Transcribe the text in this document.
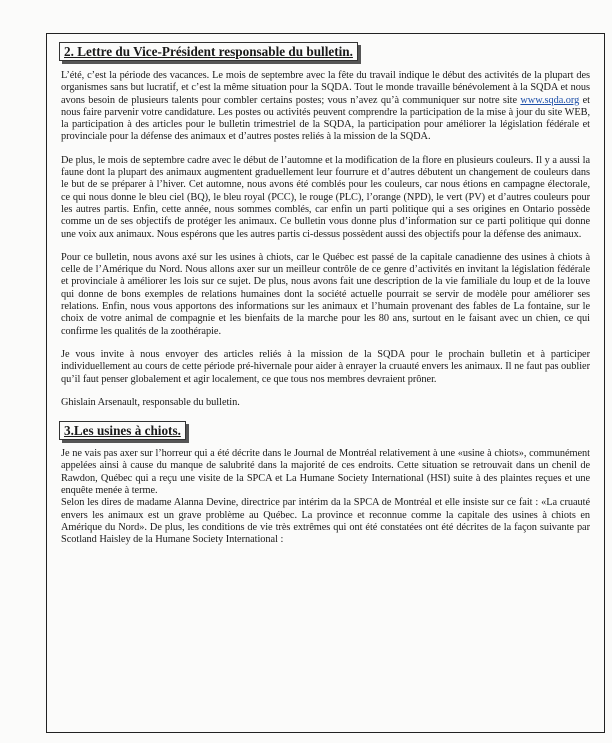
2. Lettre du Vice-Président responsable du bulletin.

L’été, c’est la période des vacances. Le mois de septembre avec la fête du travail indique le début des activités de la plupart des organismes sans but lucratif, et c’est la même situation pour la SQDA. Tout le monde travaille bénévolement à la SQDA et nous avons besoin de plusieurs talents pour combler certains postes; vous n’avez qu’à communiquer sur notre site www.sqda.org et nous faire parvenir votre candidature. Les postes ou activités peuvent comprendre la participation de la mise à jour du site WEB, la participation à des articles pour le bulletin trimestriel de la SQDA, la participation pour améliorer la législation fédérale et provinciale pour la défense des animaux et d’autres postes reliés à la mission de la SQDA.

De plus, le mois de septembre cadre avec le début de l’automne et la modification de la flore en plusieurs couleurs. Il y a aussi la faune dont la plupart des animaux augmentent graduellement leur fourrure et d’autres débutent un changement de couleurs dans le but de se préparer à l’hiver. Cet automne, nous avons été comblés pour les couleurs, car nous étions en campagne électorale, ce qui nous donne le bleu ciel (BQ), le bleu royal (PCC), le rouge (PLC), l’orange (NPD), le vert (PV) et d’autres couleurs pour les autres partis. Enfin, cette année, nous sommes comblés, car enfin un parti politique qui a ses origines en Ontario possède comme un de ses objectifs de protéger les animaux. Ce bulletin vous donne plus d’information sur ce parti politique qui donne une voix aux animaux. Nous espérons que les autres partis ci-dessus possèdent aussi des objectifs pour la défense des animaux.

Pour ce bulletin, nous avons axé sur les usines à chiots, car le Québec est passé de la capitale canadienne des usines à chiots à celle de l’Amérique du Nord. Nous allons axer sur un meilleur contrôle de ce genre d’activités en invitant la législation fédérale et provinciale à améliorer les lois sur ce sujet. De plus, nous avons fait une description de la vie familiale du loup et de la louve qui donne de bons exemples de relations humaines dont la société actuelle pourrait se servir de modèle pour améliorer ses relations. Enfin, nous vous apportons des informations sur les animaux et l’humain provenant des fables de La fontaine, sur le choix de votre animal de compagnie et les bienfaits de la marche pour les 80 ans, surtout en le faisant avec un chien, ce qui confirme les qualités de la zoothérapie.

Je vous invite à nous envoyer des articles reliés à la mission de la SQDA pour le prochain bulletin et à participer individuellement au cours de cette période pré-hivernale pour aider à enrayer la cruauté envers les animaux. Il ne faut pas oublier qu’il faut penser globalement et agir localement, ce que tous nos membres devraient prôner.

Ghislain Arsenault, responsable du bulletin.

3.Les usines à chiots.

Je ne vais pas axer sur l’horreur qui a été décrite dans le Journal de Montréal relativement à une «usine à chiots», communément appelées ainsi à cause du manque de salubrité dans la majorité de ces endroits. Cette situation se retrouvait dans un chenil de Rawdon, Québec qui a reçu une visite de la SPCA et La Humane Society International (HSI) suite à des plaintes reçues et une enquête menée à terme.

Selon les dires de madame Alanna Devine, directrice par intérim da la SPCA de Montréal et elle insiste sur ce fait : «La cruauté envers les animaux est un grave problème au Québec. La province et reconnue comme la capitale des usines à chiots en Amérique du Nord». De plus, les conditions de vie très extrêmes qui ont été constatées ont été décrites de la façon suivante par Scotland Haisley de la Humane Society International :
